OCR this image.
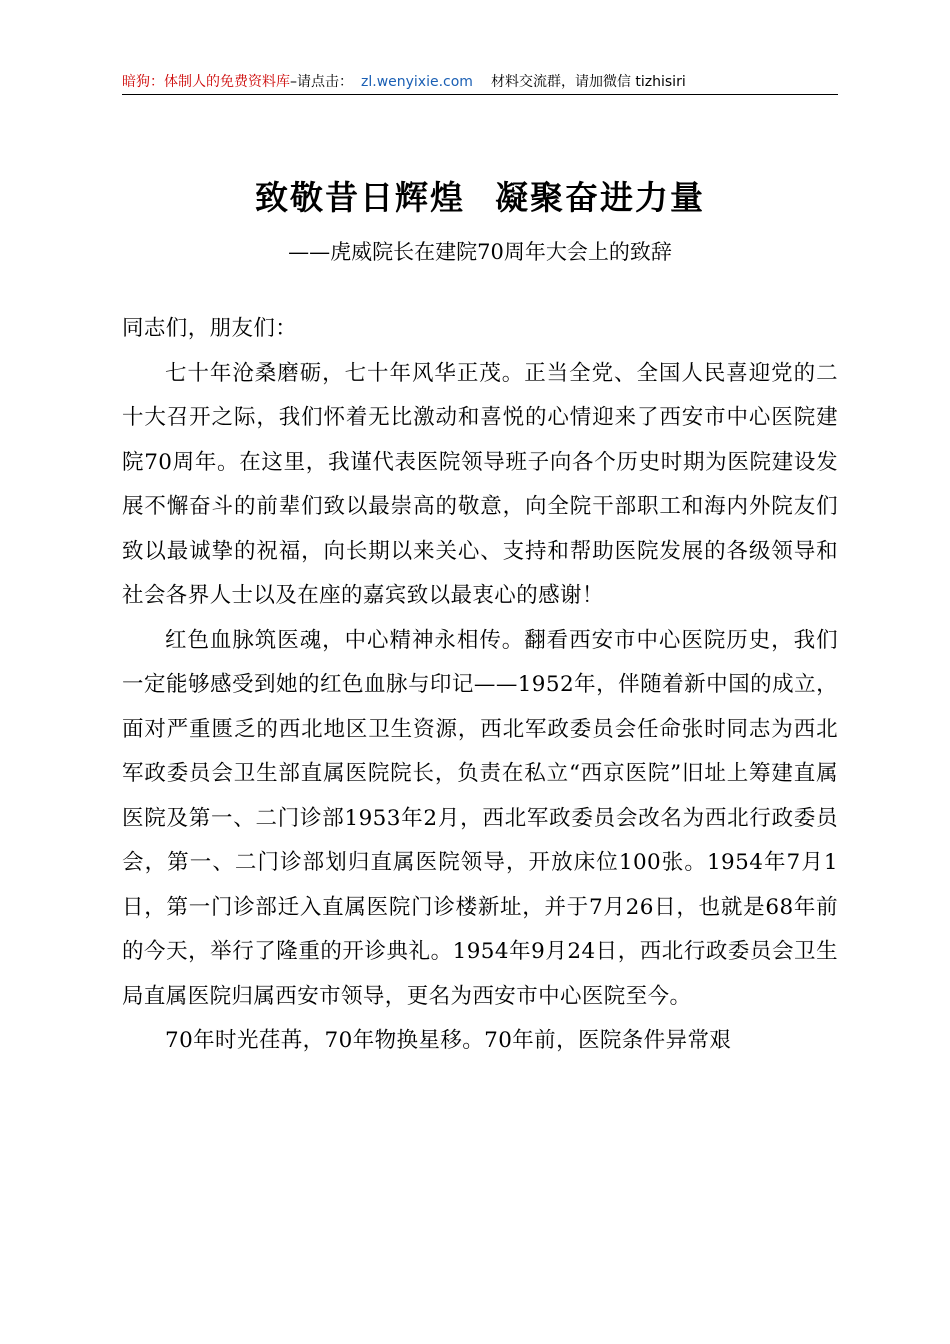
暗狗：体制人的免费资料库–请点击： zl.wenyixie.com 材料交流群，请加微信 tizhisiri
致敬昔日辉煌 凝聚奋进力量
——虎威院长在建院70周年大会上的致辞

同志们，朋友们：

七十年沧桑磨砺，七十年风华正茂。正当全党、全国人民喜迎党的二十大召开之际，我们怀着无比激动和喜悦的心情迎来了西安市中心医院建院70周年。在这里，我谨代表医院领导班子向各个历史时期为医院建设发展不懈奋斗的前辈们致以最崇高的敬意，向全院干部职工和海内外院友们致以最诚挚的祝福，向长期以来关心、支持和帮助医院发展的各级领导和社会各界人士以及在座的嘉宾致以最衷心的感谢！

红色血脉筑医魂，中心精神永相传。翻看西安市中心医院历史，我们一定能够感受到她的红色血脉与印记——1952年，伴随着新中国的成立，面对严重匮乏的西北地区卫生资源，西北军政委员会任命张时同志为西北军政委员会卫生部直属医院院长，负责在私立“西京医院”旧址上筹建直属医院及第一、二门诊部1953年2月，西北军政委员会改名为西北行政委员会，第一、二门诊部划归直属医院领导，开放床位100张。1954年7月1日，第一门诊部迁入直属医院门诊楼新址，并于7月26日，也就是68年前的今天，举行了隆重的开诊典礼。1954年9月24日，西北行政委员会卫生局直属医院归属西安市领导，更名为西安市中心医院至今。

70年时光荏苒，70年物换星移。70年前，医院条件异常艰
